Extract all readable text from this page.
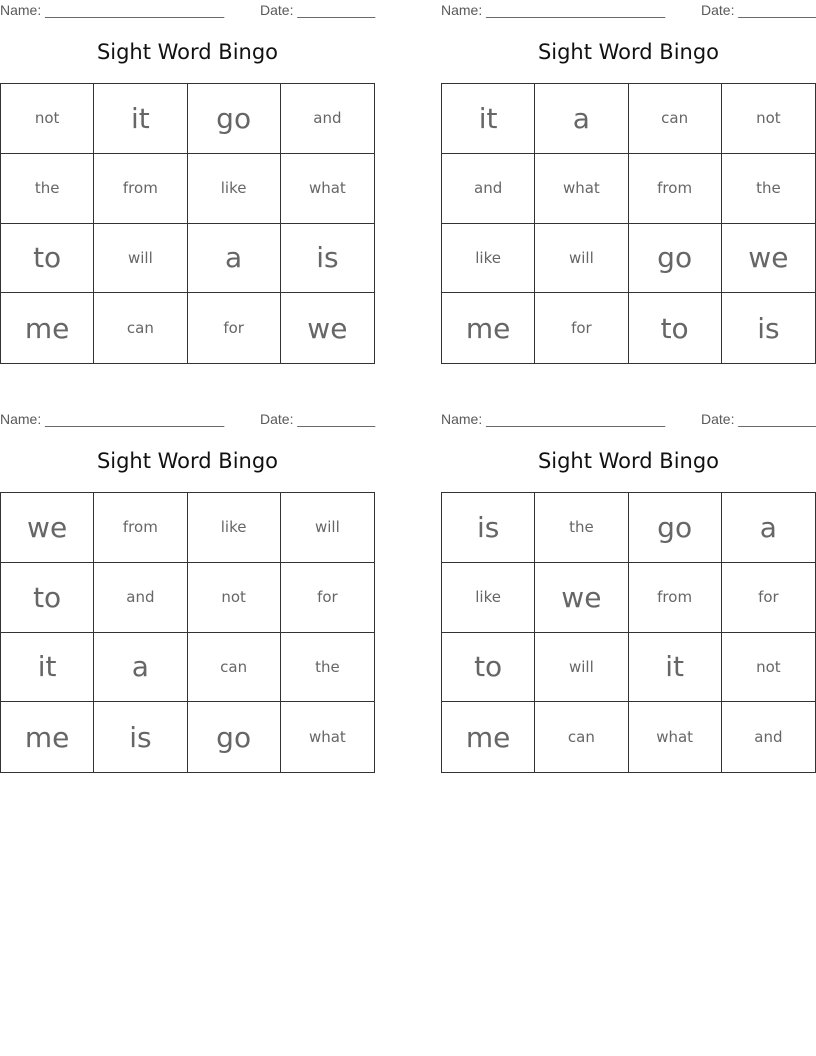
Name: _______________________	Date: __________
Sight Word Bingo
not	it	go	and
the	from	like	what
to	will	a	is
me	can	for	we
Name: _______________________	Date: __________
Sight Word Bingo
it	a	can	not
and	what	from	the
like	will	go	we
me	for	to	is
Name: _______________________	Date: __________
Sight Word Bingo
we	from	like	will
to	and	not	for
it	a	can	the
me	is	go	what
Name: _______________________	Date: __________
Sight Word Bingo
is	the	go	a
like	we	from	for
to	will	it	not
me	can	what	and
